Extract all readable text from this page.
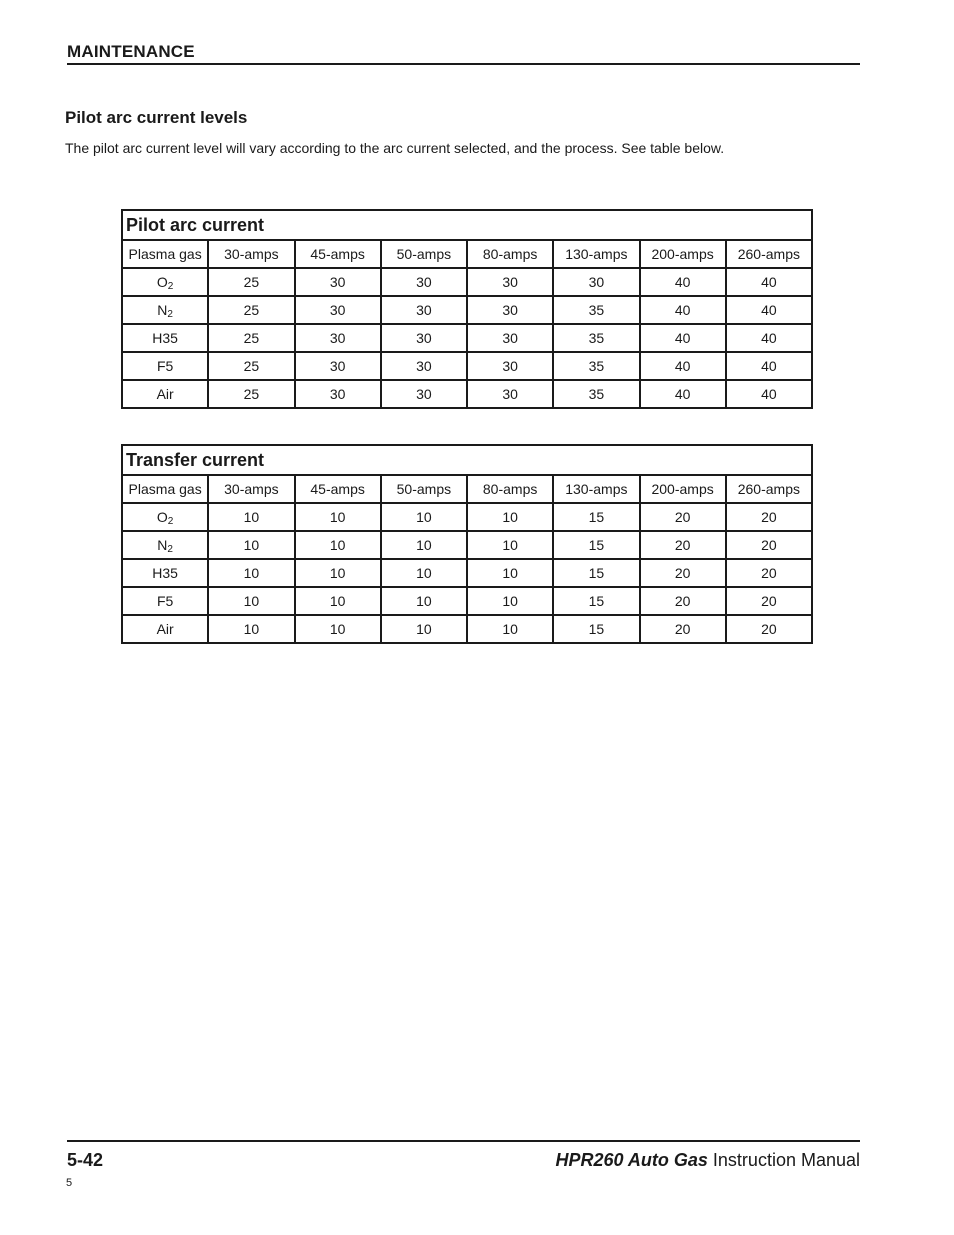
MAINTENANCE
Pilot arc current levels
The pilot arc current level will vary according to the arc current selected, and the process. See table below.
Pilot arc current							
Plasma gas	30-amps	45-amps	50-amps	80-amps	130-amps	200-amps	260-amps
$O_2$	25	30	30	30	30	40	40
$N_2$	25	30	30	30	35	40	40
H35	25	30	30	30	35	40	40
F5	25	30	30	30	35	40	40
Air	25	30	30	30	35	40	40
Transfer current							
Plasma gas	30-amps	45-amps	50-amps	80-amps	130-amps	200-amps	260-amps
$O_2$	10	10	10	10	15	20	20
$N_2$	10	10	10	10	15	20	20
H35	10	10	10	10	15	20	20
F5	10	10	10	10	15	20	20
Air	10	10	10	10	15	20	20
5-42	HPR260 Auto Gas Instruction Manual
5
